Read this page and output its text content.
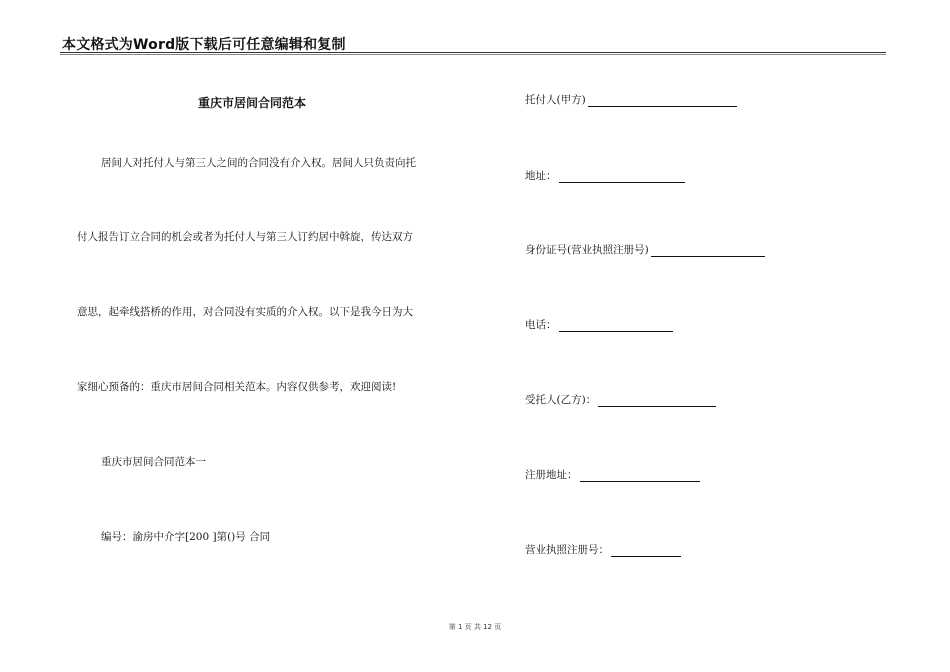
本文格式为Word版下载后可任意编辑和复制
重庆市居间合同范本
居间人对托付人与第三人之间的合同没有介入权。居间人只负责向托
付人报告订立合同的机会或者为托付人与第三人订约居中斡旋，传达双方
意思，起牵线搭桥的作用，对合同没有实质的介入权。以下是我今日为大
家细心预备的：重庆市居间合同相关范本。内容仅供参考，欢迎阅读!
重庆市居间合同范本一
编号：渝房中介字[200 ]第()号 合同
托付人(甲方)
地址：
身份证号(营业执照注册号)
电话：
受托人(乙方)：
注册地址：
营业执照注册号：
第 1 页 共 12 页
